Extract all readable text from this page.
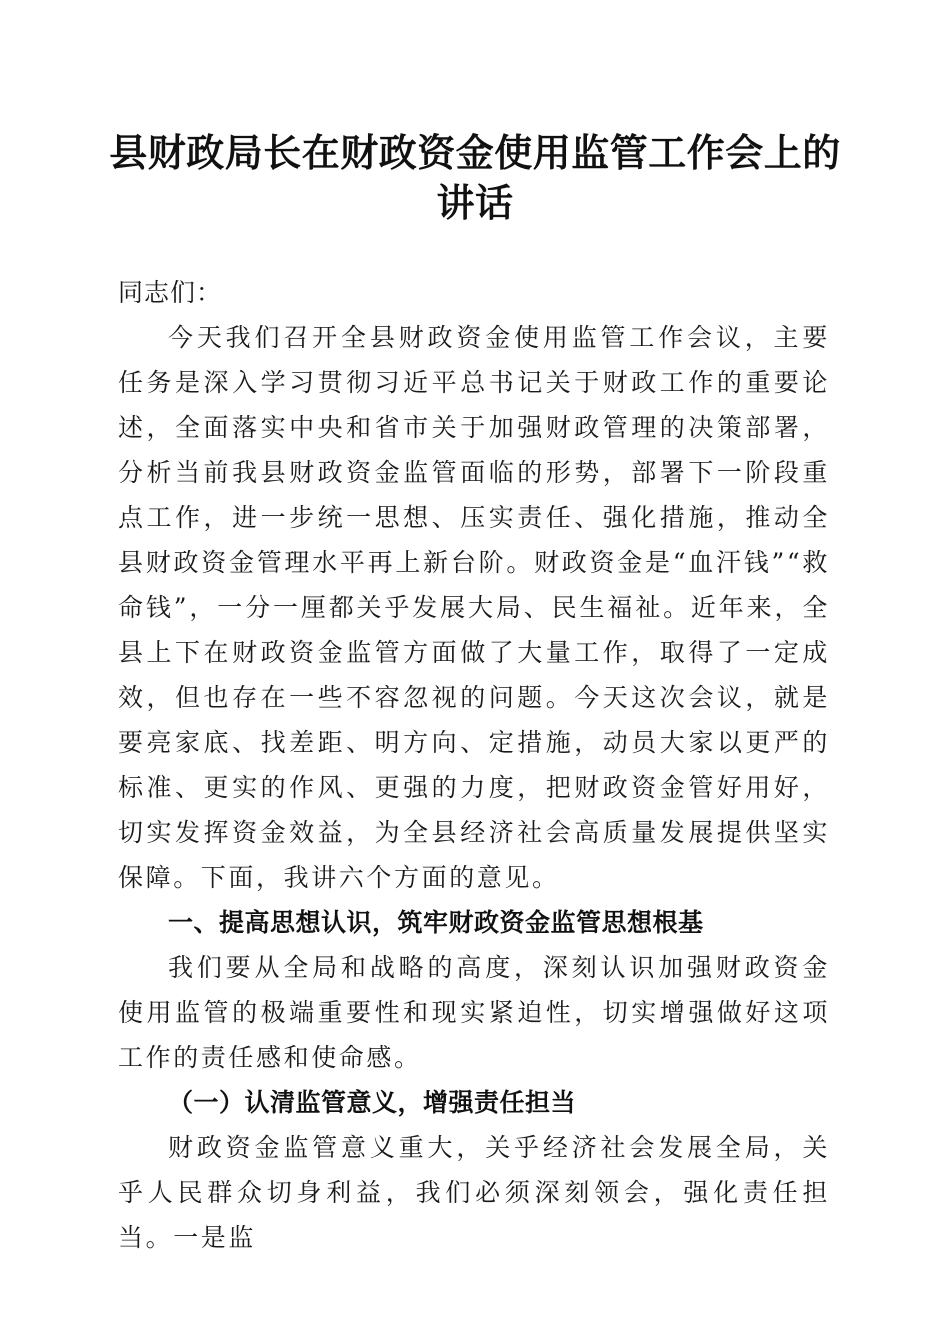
县财政局长在财政资金使用监管工作会上的讲话

同志们：

今天我们召开全县财政资金使用监管工作会议，主要任务是深入学习贯彻习近平总书记关于财政工作的重要论述，全面落实中央和省市关于加强财政管理的决策部署，分析当前我县财政资金监管面临的形势，部署下一阶段重点工作，进一步统一思想、压实责任、强化措施，推动全县财政资金管理水平再上新台阶。财政资金是“血汗钱”“救命钱”，一分一厘都关乎发展大局、民生福祉。近年来，全县上下在财政资金监管方面做了大量工作，取得了一定成效，但也存在一些不容忽视的问题。今天这次会议，就是要亮家底、找差距、明方向、定措施，动员大家以更严的标准、更实的作风、更强的力度，把财政资金管好用好，切实发挥资金效益，为全县经济社会高质量发展提供坚实保障。下面，我讲六个方面的意见。

一、提高思想认识，筑牢财政资金监管思想根基

我们要从全局和战略的高度，深刻认识加强财政资金使用监管的极端重要性和现实紧迫性，切实增强做好这项工作的责任感和使命感。

（一）认清监管意义，增强责任担当

财政资金监管意义重大，关乎经济社会发展全局，关乎人民群众切身利益，我们必须深刻领会，强化责任担当。一是监
